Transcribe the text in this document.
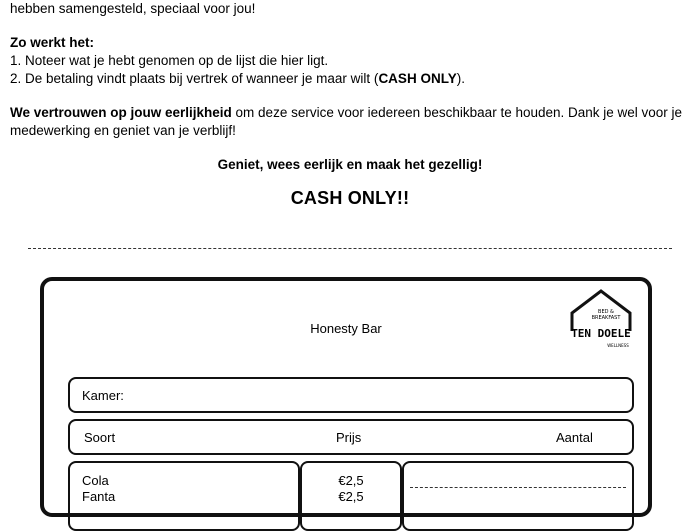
hebben samengesteld, speciaal voor jou!

Zo werkt het:

1. Noteer wat je hebt genomen op de lijst die hier ligt.

2. De betaling vindt plaats bij vertrek of wanneer je maar wilt (CASH ONLY).

We vertrouwen op jouw eerlijkheid om deze service voor iedereen beschikbaar te houden. Dank je wel voor je medewerking en geniet van je verblijf!

Geniet, wees eerlijk en maak het gezellig!

CASH ONLY!!
Honesty Bar
BED &
BREAKFAST
TEN DOELE
WELLNESS
Kamer:
Soort	Prijs	Aantal
Cola
Fanta
€2,5
€2,5
